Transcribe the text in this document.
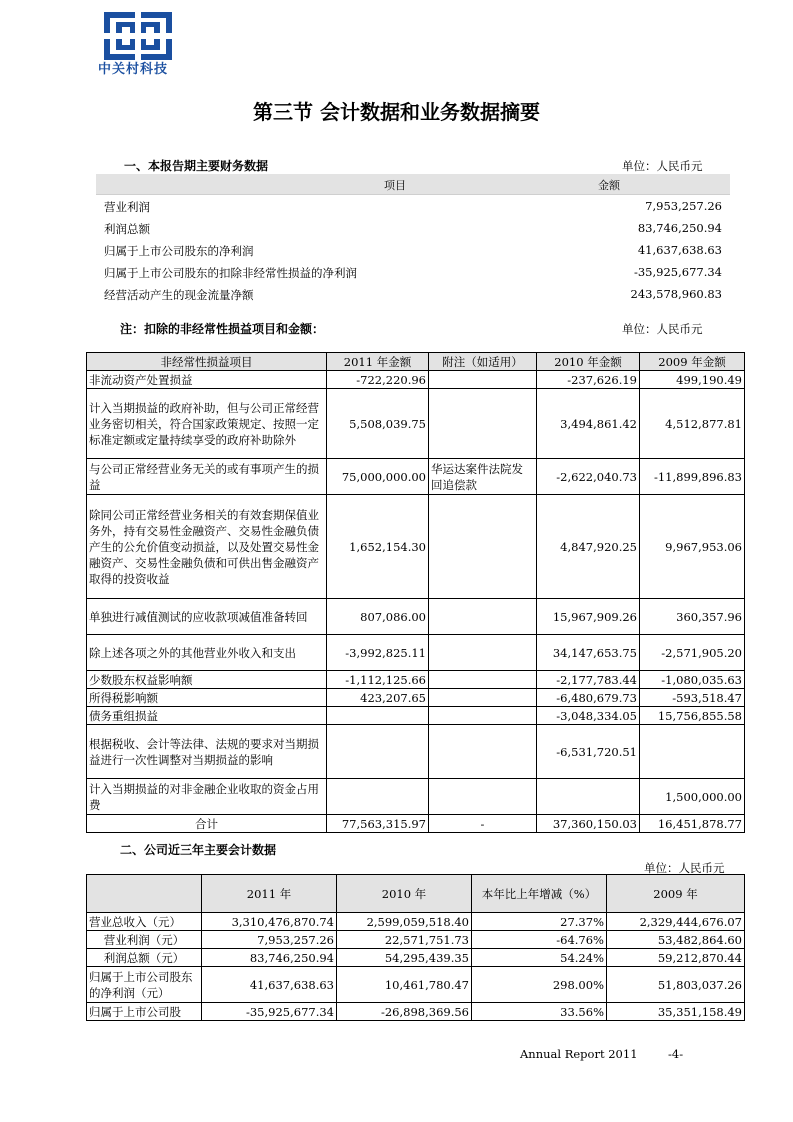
中关村科技
第三节 会计数据和业务数据摘要
一、本报告期主要财务数据	单位：人民币元
项目	金额
营业利润	7,953,257.26
利润总额	83,746,250.94
归属于上市公司股东的净利润	41,637,638.63
归属于上市公司股东的扣除非经常性损益的净利润	-35,925,677.34
经营活动产生的现金流量净额	243,578,960.83
注：扣除的非经常性损益项目和金额：	单位：人民币元
非经常性损益项目	2011 年金额	附注（如适用）	2010 年金额	2009 年金额
非流动资产处置损益	-722,220.96		-237,626.19	499,190.49
计入当期损益的政府补助，但与公司正常经营业务密切相关，符合国家政策规定、按照一定标准定额或定量持续享受的政府补助除外	5,508,039.75		3,494,861.42	4,512,877.81
与公司正常经营业务无关的或有事项产生的损益	75,000,000.00	华运达案件法院发回追偿款	-2,622,040.73	-11,899,896.83
除同公司正常经营业务相关的有效套期保值业务外，持有交易性金融资产、交易性金融负债产生的公允价值变动损益，以及处置交易性金融资产、交易性金融负债和可供出售金融资产取得的投资收益	1,652,154.30		4,847,920.25	9,967,953.06
单独进行减值测试的应收款项减值准备转回	807,086.00		15,967,909.26	360,357.96
除上述各项之外的其他营业外收入和支出	-3,992,825.11		34,147,653.75	-2,571,905.20
少数股东权益影响额	-1,112,125.66		-2,177,783.44	-1,080,035.63
所得税影响额	423,207.65		-6,480,679.73	-593,518.47
债务重组损益			-3,048,334.05	15,756,855.58
根据税收、会计等法律、法规的要求对当期损益进行一次性调整对当期损益的影响			-6,531,720.51	
计入当期损益的对非金融企业收取的资金占用费				1,500,000.00
合计	77,563,315.97	-	37,360,150.03	16,451,878.77
二、公司近三年主要会计数据
单位：人民币元
	2011 年	2010 年	本年比上年增减（%）	2009 年
营业总收入（元）	3,310,476,870.74	2,599,059,518.40	27.37%	2,329,444,676.07
营业利润（元）	7,953,257.26	22,571,751.73	-64.76%	53,482,864.60
利润总额（元）	83,746,250.94	54,295,439.35	54.24%	59,212,870.44
归属于上市公司股东的净利润（元）	41,637,638.63	10,461,780.47	298.00%	51,803,037.26
归属于上市公司股	-35,925,677.34	-26,898,369.56	33.56%	35,351,158.49
Annual Report 2011	-4-
